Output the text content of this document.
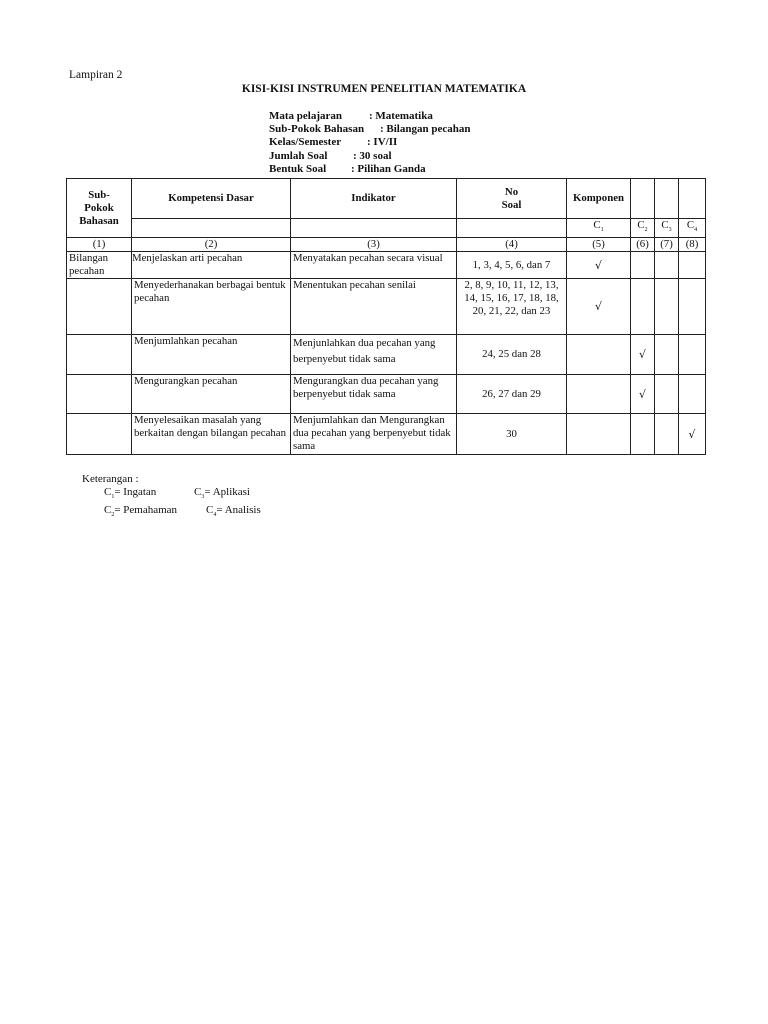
Lampiran 2
KISI-KISI INSTRUMEN PENELITIAN MATEMATIKA
Mata pelajaran : Matematika
Sub-Pokok Bahasan : Bilangan pecahan
Kelas/Semester : IV/II
Jumlah Soal : 30 soal
Bentuk Soal : Pilihan Ganda
Sub-
Pokok
Bahasan	Kompetensi Dasar	Indikator	No
Soal	Komponen			
				$C_1$	$C_2$	$C_3$	$C_4$
(1)	(2)	(3)	(4)	(5)	(6)	(7)	(8)
Bilangan pecahan	Menjelaskan arti pecahan	Menyatakan pecahan secara visual	1, 3, 4, 5, 6, dan 7	√			
	Menyederhanakan berbagai bentuk pecahan	Menentukan pecahan senilai	2, 8, 9, 10, 11, 12, 13, 14, 15, 16, 17, 18, 18, 20, 21, 22, dan 23	√			
	Menjumlahkan pecahan	Menjunlahkan dua pecahan yang berpenyebut tidak sama	24, 25 dan 28		√		
	Mengurangkan pecahan	Mengurangkan dua pecahan yang berpenyebut tidak sama	26, 27 dan 29		√		
	Menyelesaikan masalah yang berkaitan dengan bilangan pecahan	Menjumlahkan dan Mengurangkan dua pecahan yang berpenyebut tidak sama	30				√
Keterangan :
$C_1=$ Ingatan	$C_3=$ Aplikasi
$C_2=$ Pemahaman	$C_4=$ Analisis
